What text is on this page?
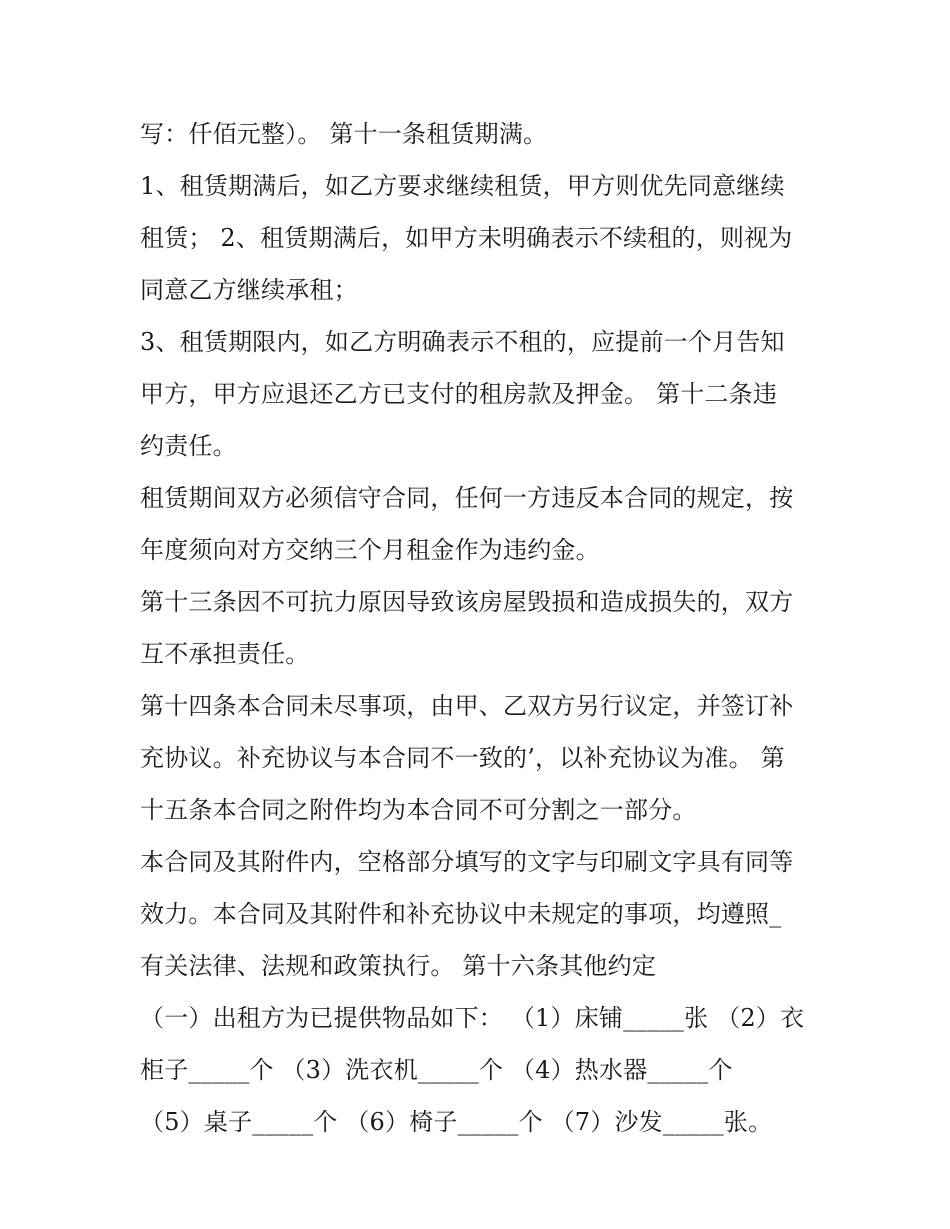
写：仟佰元整）。 第十一条租赁期满。
1、租赁期满后，如乙方要求继续租赁，甲方则优先同意继续
租赁； 2、租赁期满后，如甲方未明确表示不续租的，则视为
同意乙方继续承租；
3、租赁期限内，如乙方明确表示不租的，应提前一个月告知
甲方，甲方应退还乙方已支付的租房款及押金。 第十二条违
约责任。
租赁期间双方必须信守合同，任何一方违反本合同的规定，按
年度须向对方交纳三个月租金作为违约金。
第十三条因不可抗力原因导致该房屋毁损和造成损失的，双方
互不承担责任。
第十四条本合同未尽事项，由甲、乙双方另行议定，并签订补
充协议。补充协议与本合同不一致的’，以补充协议为准。 第
十五条本合同之附件均为本合同不可分割之一部分。
本合同及其附件内，空格部分填写的文字与印刷文字具有同等
效力。本合同及其附件和补充协议中未规定的事项，均遵照_
有关法律、法规和政策执行。 第十六条其他约定
（一）出租方为已提供物品如下： （1）床铺_____张 （2）衣
柜子_____个 （3）洗衣机_____个 （4）热水器_____个
（5）桌子_____个 （6）椅子_____个 （7）沙发_____张。
